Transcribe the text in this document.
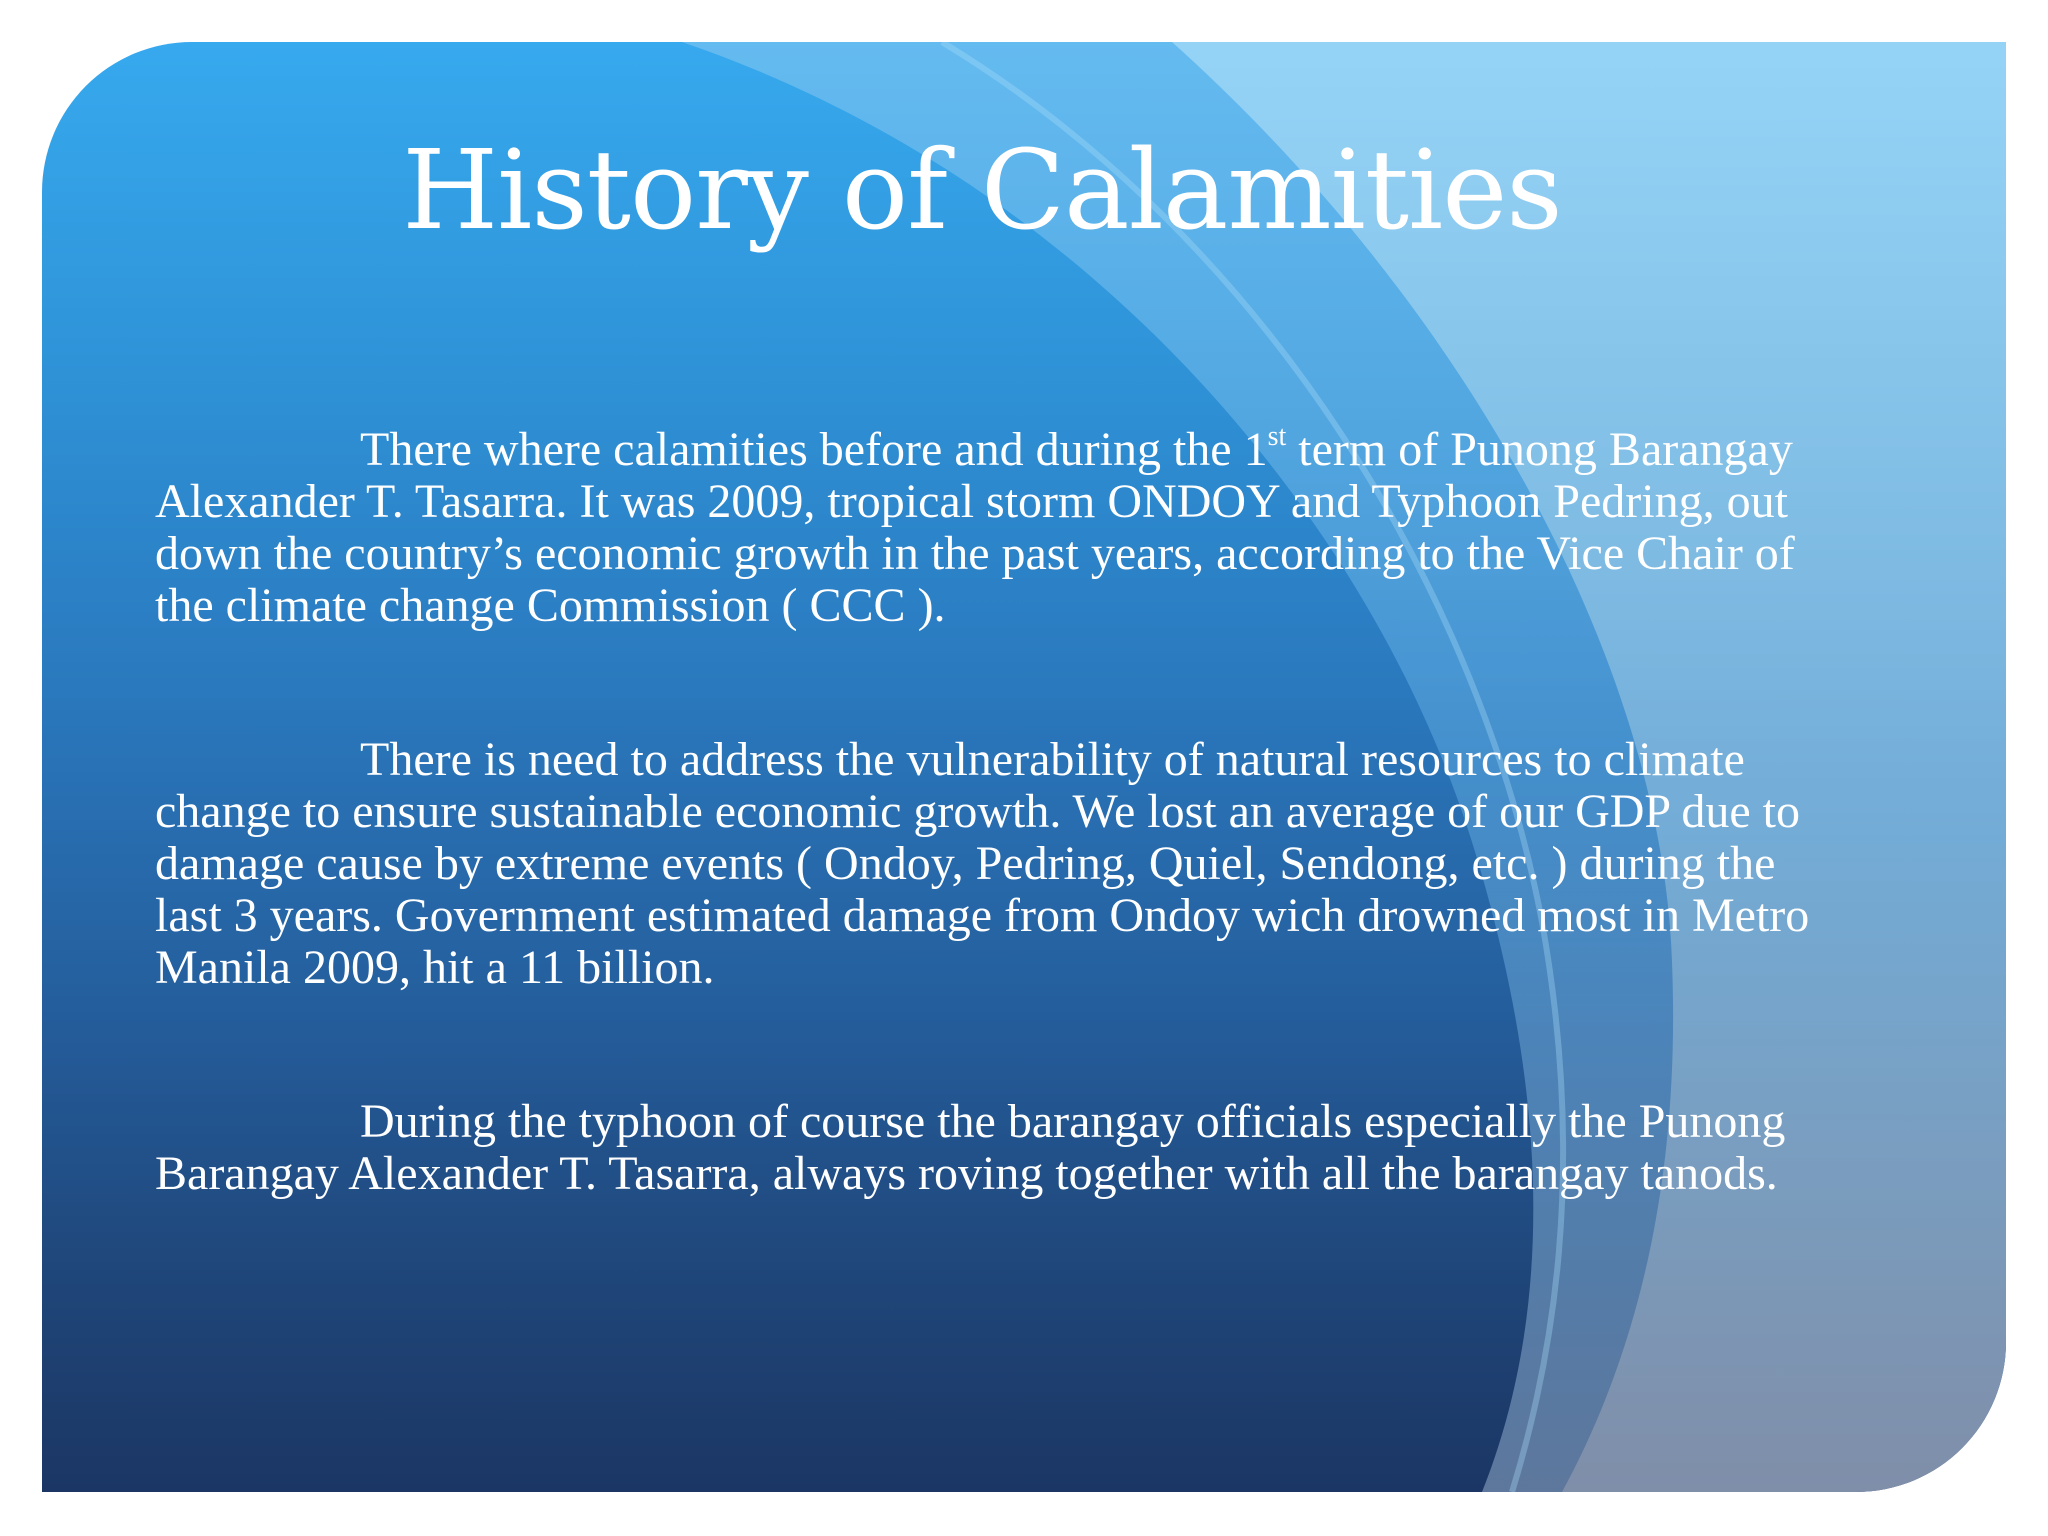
History of Calamities

There where calamities before and during the 1st term of Punong Barangay Alexander T. Tasarra. It was 2009, tropical storm ONDOY and Typhoon Pedring, out down the country’s economic growth in the past years, according to the Vice Chair of the climate change Commission ( CCC ).

There is need to address the vulnerability of natural resources to climate change to ensure sustainable economic growth. We lost an average of our GDP due to damage cause by extreme events ( Ondoy, Pedring, Quiel, Sendong, etc. ) during the last 3 years. Government estimated damage from Ondoy wich drowned most in Metro Manila 2009, hit a 11 billion.

During the typhoon of course the barangay officials especially the Punong Barangay Alexander T. Tasarra, always roving together with all the barangay tanods.
